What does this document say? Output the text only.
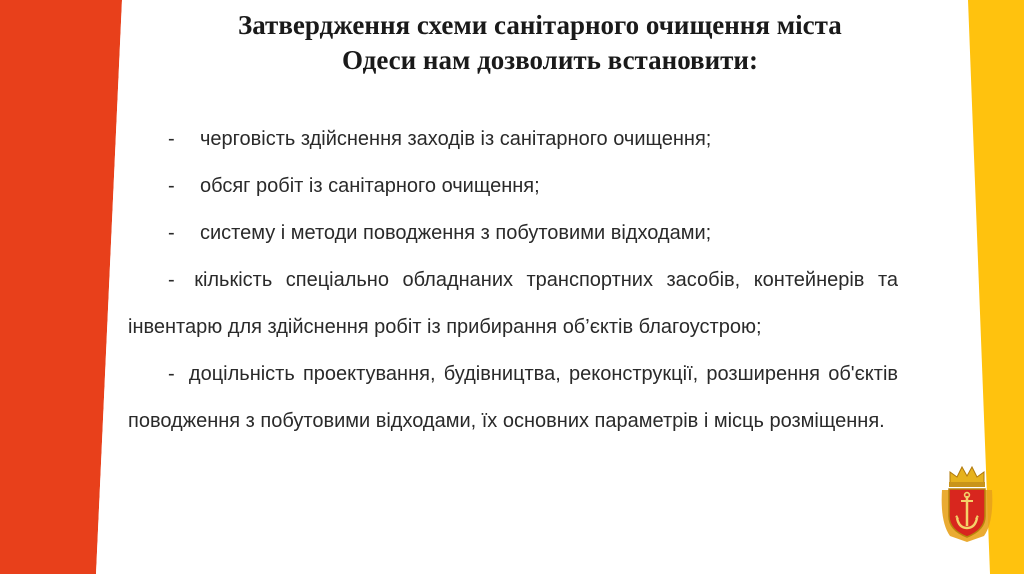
Затвердження схеми санітарного очищення міста
Одеси нам дозволить встановити:

- черговість здійснення заходів із санітарного очищення;

- обсяг робіт із санітарного очищення;

- систему і методи поводження з побутовими відходами;

- кількість спеціально обладнаних транспортних засобів, контейнерів та інвентарю для здійснення робіт із прибирання об’єктів благоустрою;

- доцільність проектування, будівництва, реконструкції, розширення об'єктів поводження з побутовими відходами, їх основних параметрів і місць розміщення.
